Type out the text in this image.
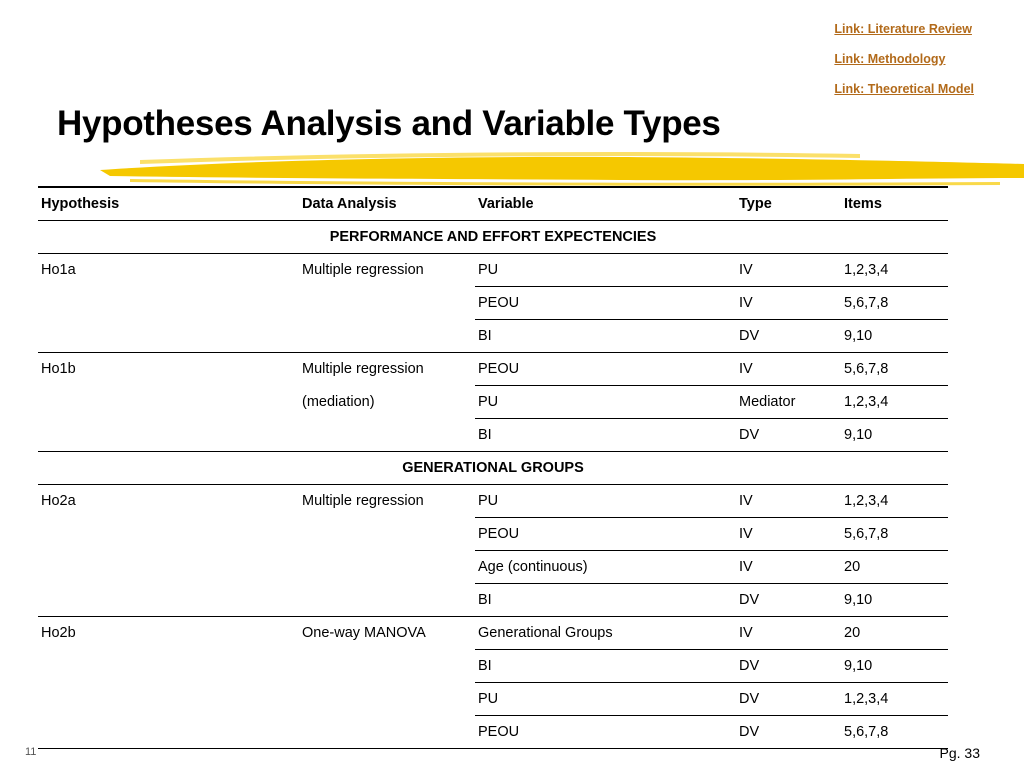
Link: Literature Review
Link: Methodology
Link: Theoretical Model
Hypotheses Analysis and Variable Types
Hypothesis	Data Analysis	Variable	Type	Items
PERFORMANCE AND EFFORT EXPECTENCIES				
Ho1a	Multiple regression	PU	IV	1,2,3,4
		PEOU	IV	5,6,7,8
		BI	DV	9,10
Ho1b	Multiple regression	PEOU	IV	5,6,7,8
	(mediation)	PU	Mediator	1,2,3,4
		BI	DV	9,10
GENERATIONAL GROUPS				
Ho2a	Multiple regression	PU	IV	1,2,3,4
		PEOU	IV	5,6,7,8
		Age (continuous)	IV	20
		BI	DV	9,10
Ho2b	One-way MANOVA	Generational Groups	IV	20
		BI	DV	9,10
		PU	DV	1,2,3,4
		PEOU	DV	5,6,7,8
11	Pg. 33
